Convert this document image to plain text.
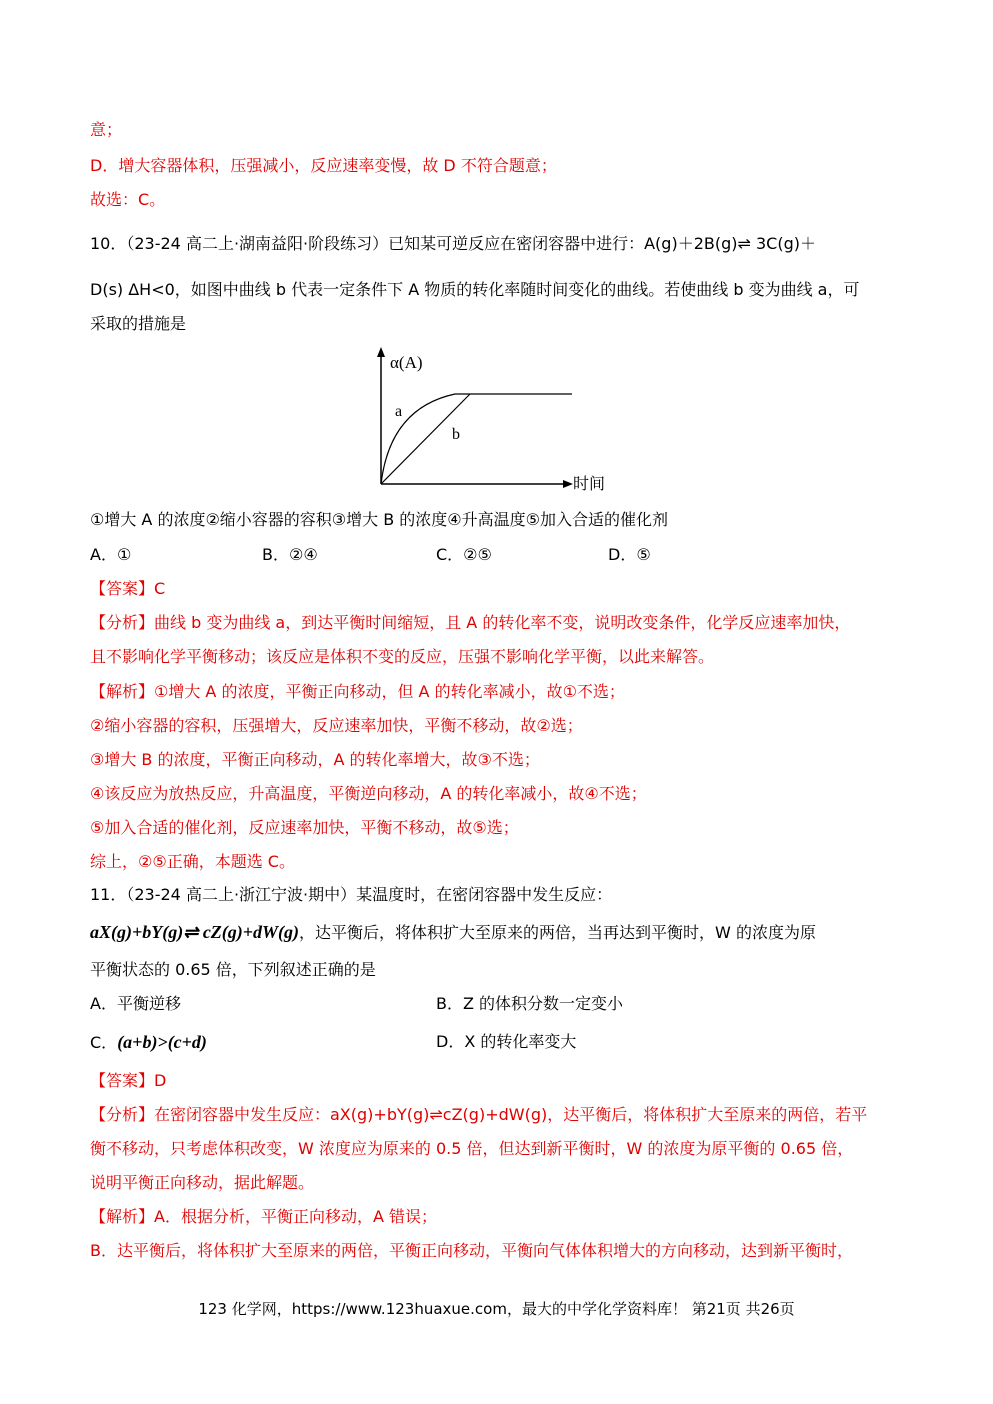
意；
D．增大容器体积，压强减小，反应速率变慢，故 D 不符合题意；
故选：C。
10．（23-24 高二上·湖南益阳·阶段练习）已知某可逆反应在密闭容器中进行：A(g)＋2B(g)⇌ 3C(g)＋
D(s) ΔH<0，如图中曲线 b 代表一定条件下 A 物质的转化率随时间变化的曲线。若使曲线 b 变为曲线 a，可
采取的措施是
α(A)
时间
a
b
①增大 A 的浓度②缩小容器的容积③增大 B 的浓度④升高温度⑤加入合适的催化剂
A．①	B．②④	C．②⑤	D．⑤
【答案】C
【分析】曲线 b 变为曲线 a，到达平衡时间缩短，且 A 的转化率不变，说明改变条件，化学反应速率加快，
且不影响化学平衡移动；该反应是体积不变的反应，压强不影响化学平衡，以此来解答。
【解析】①增大 A 的浓度，平衡正向移动，但 A 的转化率减小，故①不选；
②缩小容器的容积，压强增大，反应速率加快，平衡不移动，故②选；
③增大 B 的浓度，平衡正向移动，A 的转化率增大，故③不选；
④该反应为放热反应，升高温度，平衡逆向移动，A 的转化率减小，故④不选；
⑤加入合适的催化剂，反应速率加快，平衡不移动，故⑤选；
综上，②⑤正确，本题选 C。
11．（23-24 高二上·浙江宁波·期中）某温度时，在密闭容器中发生反应：
aX(g)+bY(g)⇌ cZ(g)+dW(g)，达平衡后，将体积扩大至原来的两倍，当再达到平衡时，W 的浓度为原
平衡状态的 0.65 倍，下列叙述正确的是
A．平衡逆移	B．Z 的体积分数一定变小
C．(a+b)>(c+d)	D．X 的转化率变大
【答案】D
【分析】在密闭容器中发生反应：aX(g)+bY(g)⇌cZ(g)+dW(g)，达平衡后，将体积扩大至原来的两倍，若平
衡不移动，只考虑体积改变，W 浓度应为原来的 0.5 倍，但达到新平衡时，W 的浓度为原平衡的 0.65 倍，
说明平衡正向移动，据此解题。
【解析】A．根据分析，平衡正向移动，A 错误；
B．达平衡后，将体积扩大至原来的两倍，平衡正向移动，平衡向气体体积增大的方向移动，达到新平衡时，
123 化学网，https://www.123huaxue.com，最大的中学化学资料库！ 第21页 共26页
